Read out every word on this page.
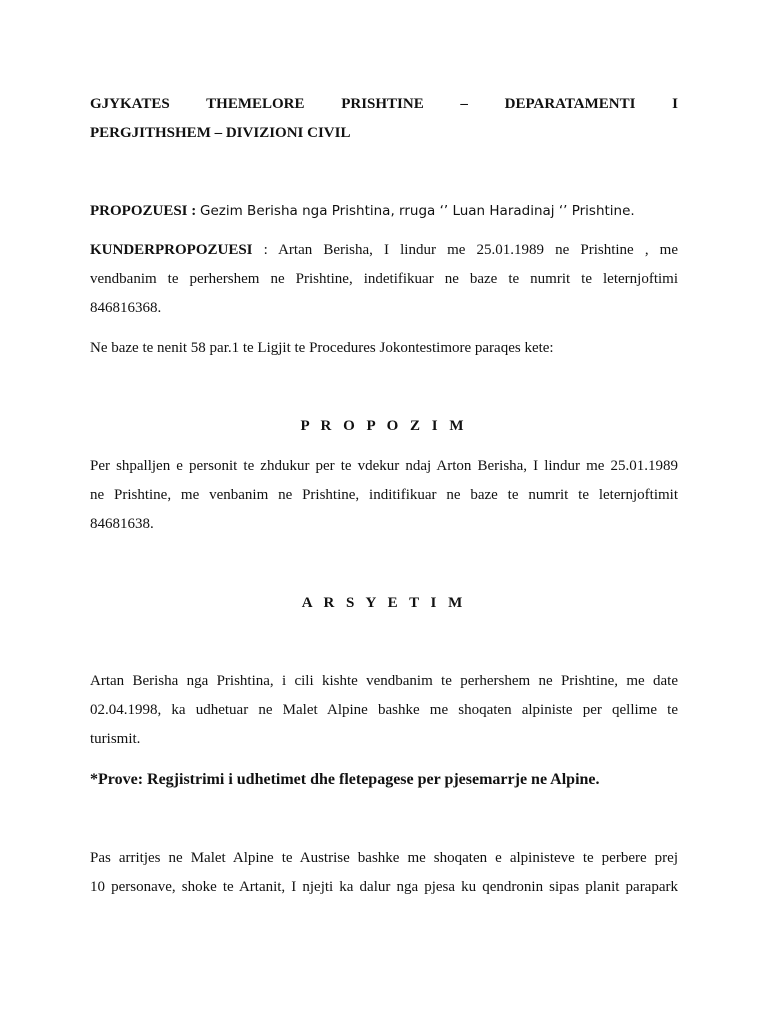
GJYKATES THEMELORE PRISHTINE – DEPARATAMENTI I
PERGJITHSHEM – DIVIZIONI CIVIL
PROPOZUESI : Gezim Berisha nga Prishtina, rruga ‘’ Luan Haradinaj ‘’ Prishtine.
KUNDERPROPOZUESI : Artan Berisha, I lindur me 25.01.1989 ne Prishtine , me
vendbanim te perhershem ne Prishtine, indetifikuar ne baze te numrit te leternjoftimi
846816368.
Ne baze te nenit 58 par.1 te Ligjit te Procedures Jokontestimore paraqes kete:
P R O P O Z I M
Per shpalljen e personit te zhdukur per te vdekur ndaj Arton Berisha, I lindur me 25.01.1989
ne Prishtine, me venbanim ne Prishtine, inditifikuar ne baze te numrit te leternjoftimit
84681638.
A R S Y E T I M
Artan Berisha nga Prishtina, i cili kishte vendbanim te perhershem ne Prishtine, me date
02.04.1998, ka udhetuar ne Malet Alpine bashke me shoqaten alpiniste per qellime te
turismit.
*Prove: Regjistrimi i udhetimet dhe fletepagese per pjesemarrje ne Alpine.
Pas arritjes ne Malet Alpine te Austrise bashke me shoqaten e alpinisteve te perbere prej
10 personave, shoke te Artanit, I njejti ka dalur nga pjesa ku qendronin sipas planit parapark
